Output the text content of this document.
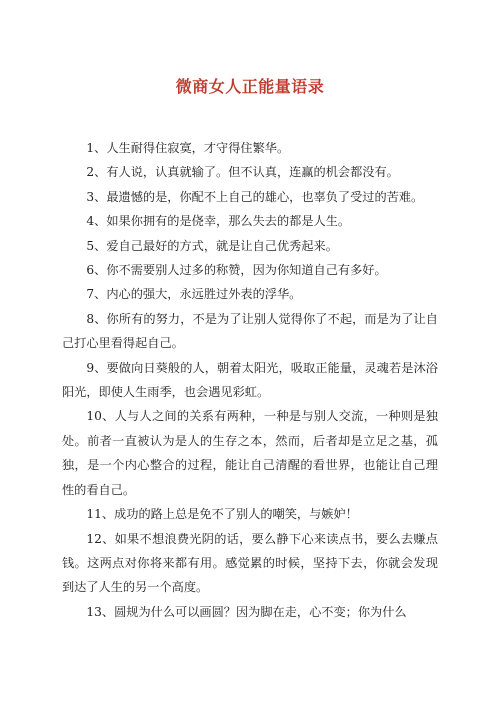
微商女人正能量语录

1、人生耐得住寂寞，才守得住繁华。

2、有人说，认真就输了。但不认真，连赢的机会都没有。

3、最遗憾的是，你配不上自己的雄心，也辜负了受过的苦难。

4、如果你拥有的是侥幸，那么失去的都是人生。

5、爱自己最好的方式，就是让自己优秀起来。

6、你不需要别人过多的称赞，因为你知道自己有多好。

7、内心的强大，永远胜过外表的浮华。

8、你所有的努力，不是为了让别人觉得你了不起，而是为了让自己打心里看得起自己。

9、要做向日葵般的人，朝着太阳光，吸取正能量，灵魂若是沐浴阳光，即使人生雨季，也会遇见彩虹。

10、人与人之间的关系有两种，一种是与别人交流，一种则是独处。前者一直被认为是人的生存之本，然而，后者却是立足之基，孤独，是一个内心整合的过程，能让自己清醒的看世界，也能让自己理性的看自己。

11、成功的路上总是免不了别人的嘲笑，与嫉妒！

12、如果不想浪费光阴的话，要么静下心来读点书，要么去赚点钱。这两点对你将来都有用。感觉累的时候，坚持下去，你就会发现到达了人生的另一个高度。

13、圆规为什么可以画圆？因为脚在走，心不变；你为什么
